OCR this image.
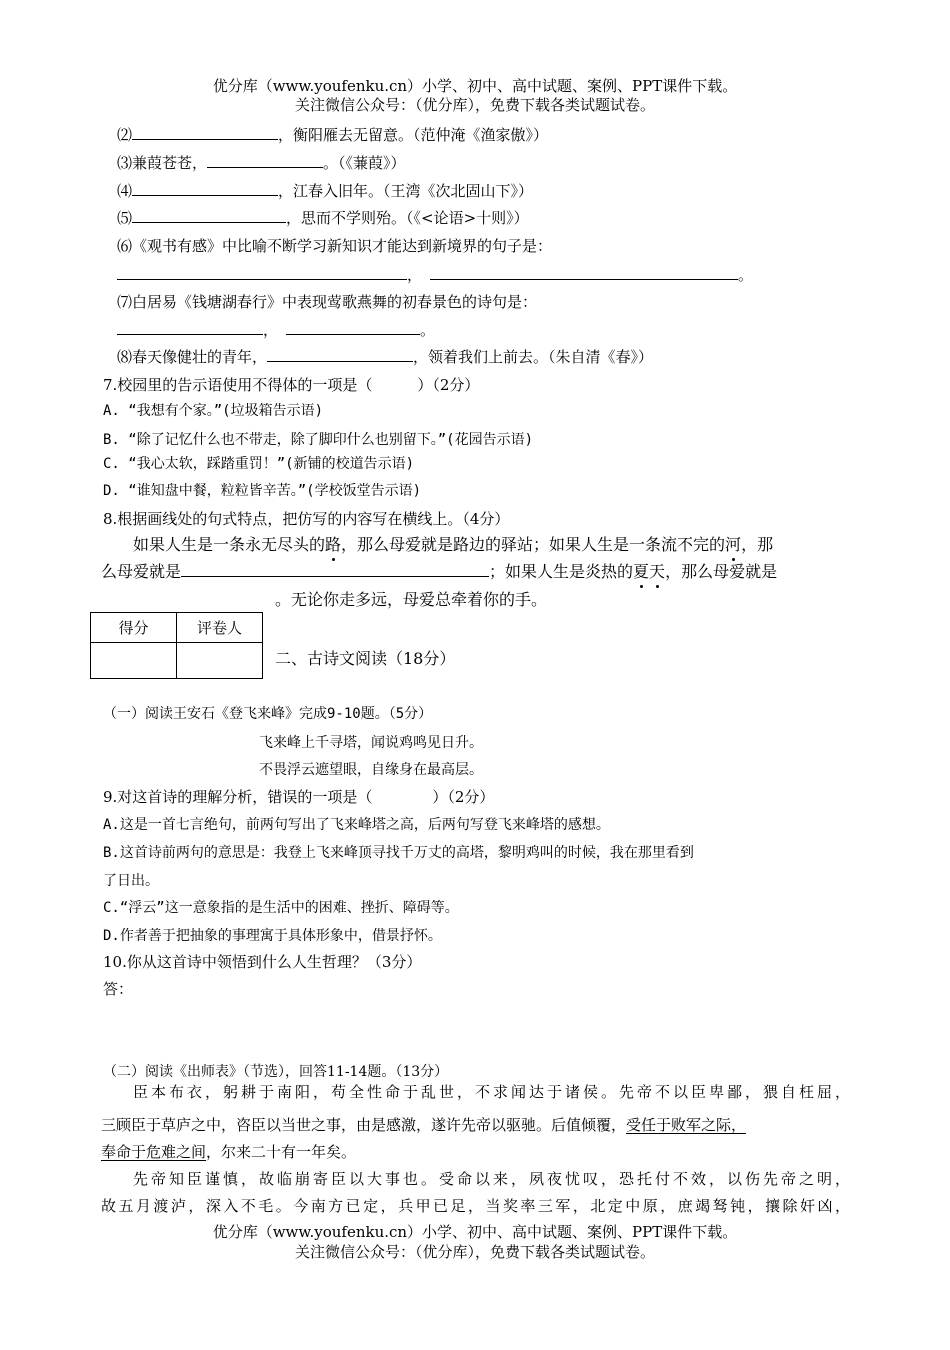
优分库（www.youfenku.cn）小学、初中、高中试题、案例、PPT课件下载。
关注微信公众号：（优分库），免费下载各类试题试卷。
⑵	，衡阳雁去无留意。（范仲淹《渔家傲》）
⑶兼葭苍苍，	。（《蒹葭》）
⑷	，江春入旧年。（王湾《次北固山下》）
⑸	，思而不学则殆。（《<论语>十则》）
⑹《观书有感》中比喻不断学习新知识才能达到新境界的句子是：
，	。
⑺白居易《钱塘湖春行》中表现莺歌燕舞的初春景色的诗句是：
，	。
⑻春天像健壮的青年，	，领着我们上前去。（朱自清《春》）
7.校园里的告示语使用不得体的一项是（　　　）（2分）
A. “我想有个家。”(垃圾箱告示语)
B. “除了记忆什么也不带走，除了脚印什么也别留下。”(花园告示语)
C. “我心太软，踩踏重罚！”(新铺的校道告示语)
D. “谁知盘中餐，粒粒皆辛苦。”(学校饭堂告示语)
8.根据画线处的句式特点，把仿写的内容写在横线上。（4分）
如果人生是一条永无尽头的路，那么母爱就是路边的驿站；如果人生是一条流不完的河，那
么母爱就是	；如果人生是炎热的夏天，那么母爱就是
。无论你走多远，母爱总牵着你的手。
得分	评卷人

二、古诗文阅读（18分）
（一）阅读王安石《登飞来峰》完成9-10题。（5分）
飞来峰上千寻塔，闻说鸡鸣见日升。
不畏浮云遮望眼，自缘身在最高层。
9.对这首诗的理解分析，错误的一项是（　　　　）（2分）
A.这是一首七言绝句，前两句写出了飞来峰塔之高，后两句写登飞来峰塔的感想。
B.这首诗前两句的意思是：我登上飞来峰顶寻找千万丈的高塔，黎明鸡叫的时候，我在那里看到
了日出。
C.“浮云”这一意象指的是生活中的困难、挫折、障碍等。
D.作者善于把抽象的事理寓于具体形象中，借景抒怀。
10.你从这首诗中领悟到什么人生哲理？（3分）
答：
（二）阅读《出师表》（节选），回答11-14题。（13分）
臣本布衣，躬耕于南阳，苟全性命于乱世，不求闻达于诸侯。先帝不以臣卑鄙，猥自枉屈，
三顾臣于草庐之中，咨臣以当世之事，由是感激，遂许先帝以驱驰。后值倾覆，受任于败军之际，
奉命于危难之间，尔来二十有一年矣。
先帝知臣谨慎，故临崩寄臣以大事也。受命以来，夙夜忧叹，恐托付不效，以伤先帝之明，
故五月渡泸，深入不毛。今南方已定，兵甲已足，当奖率三军，北定中原，庶竭驽钝，攘除奸凶，
优分库（www.youfenku.cn）小学、初中、高中试题、案例、PPT课件下载。
关注微信公众号：（优分库），免费下载各类试题试卷。
